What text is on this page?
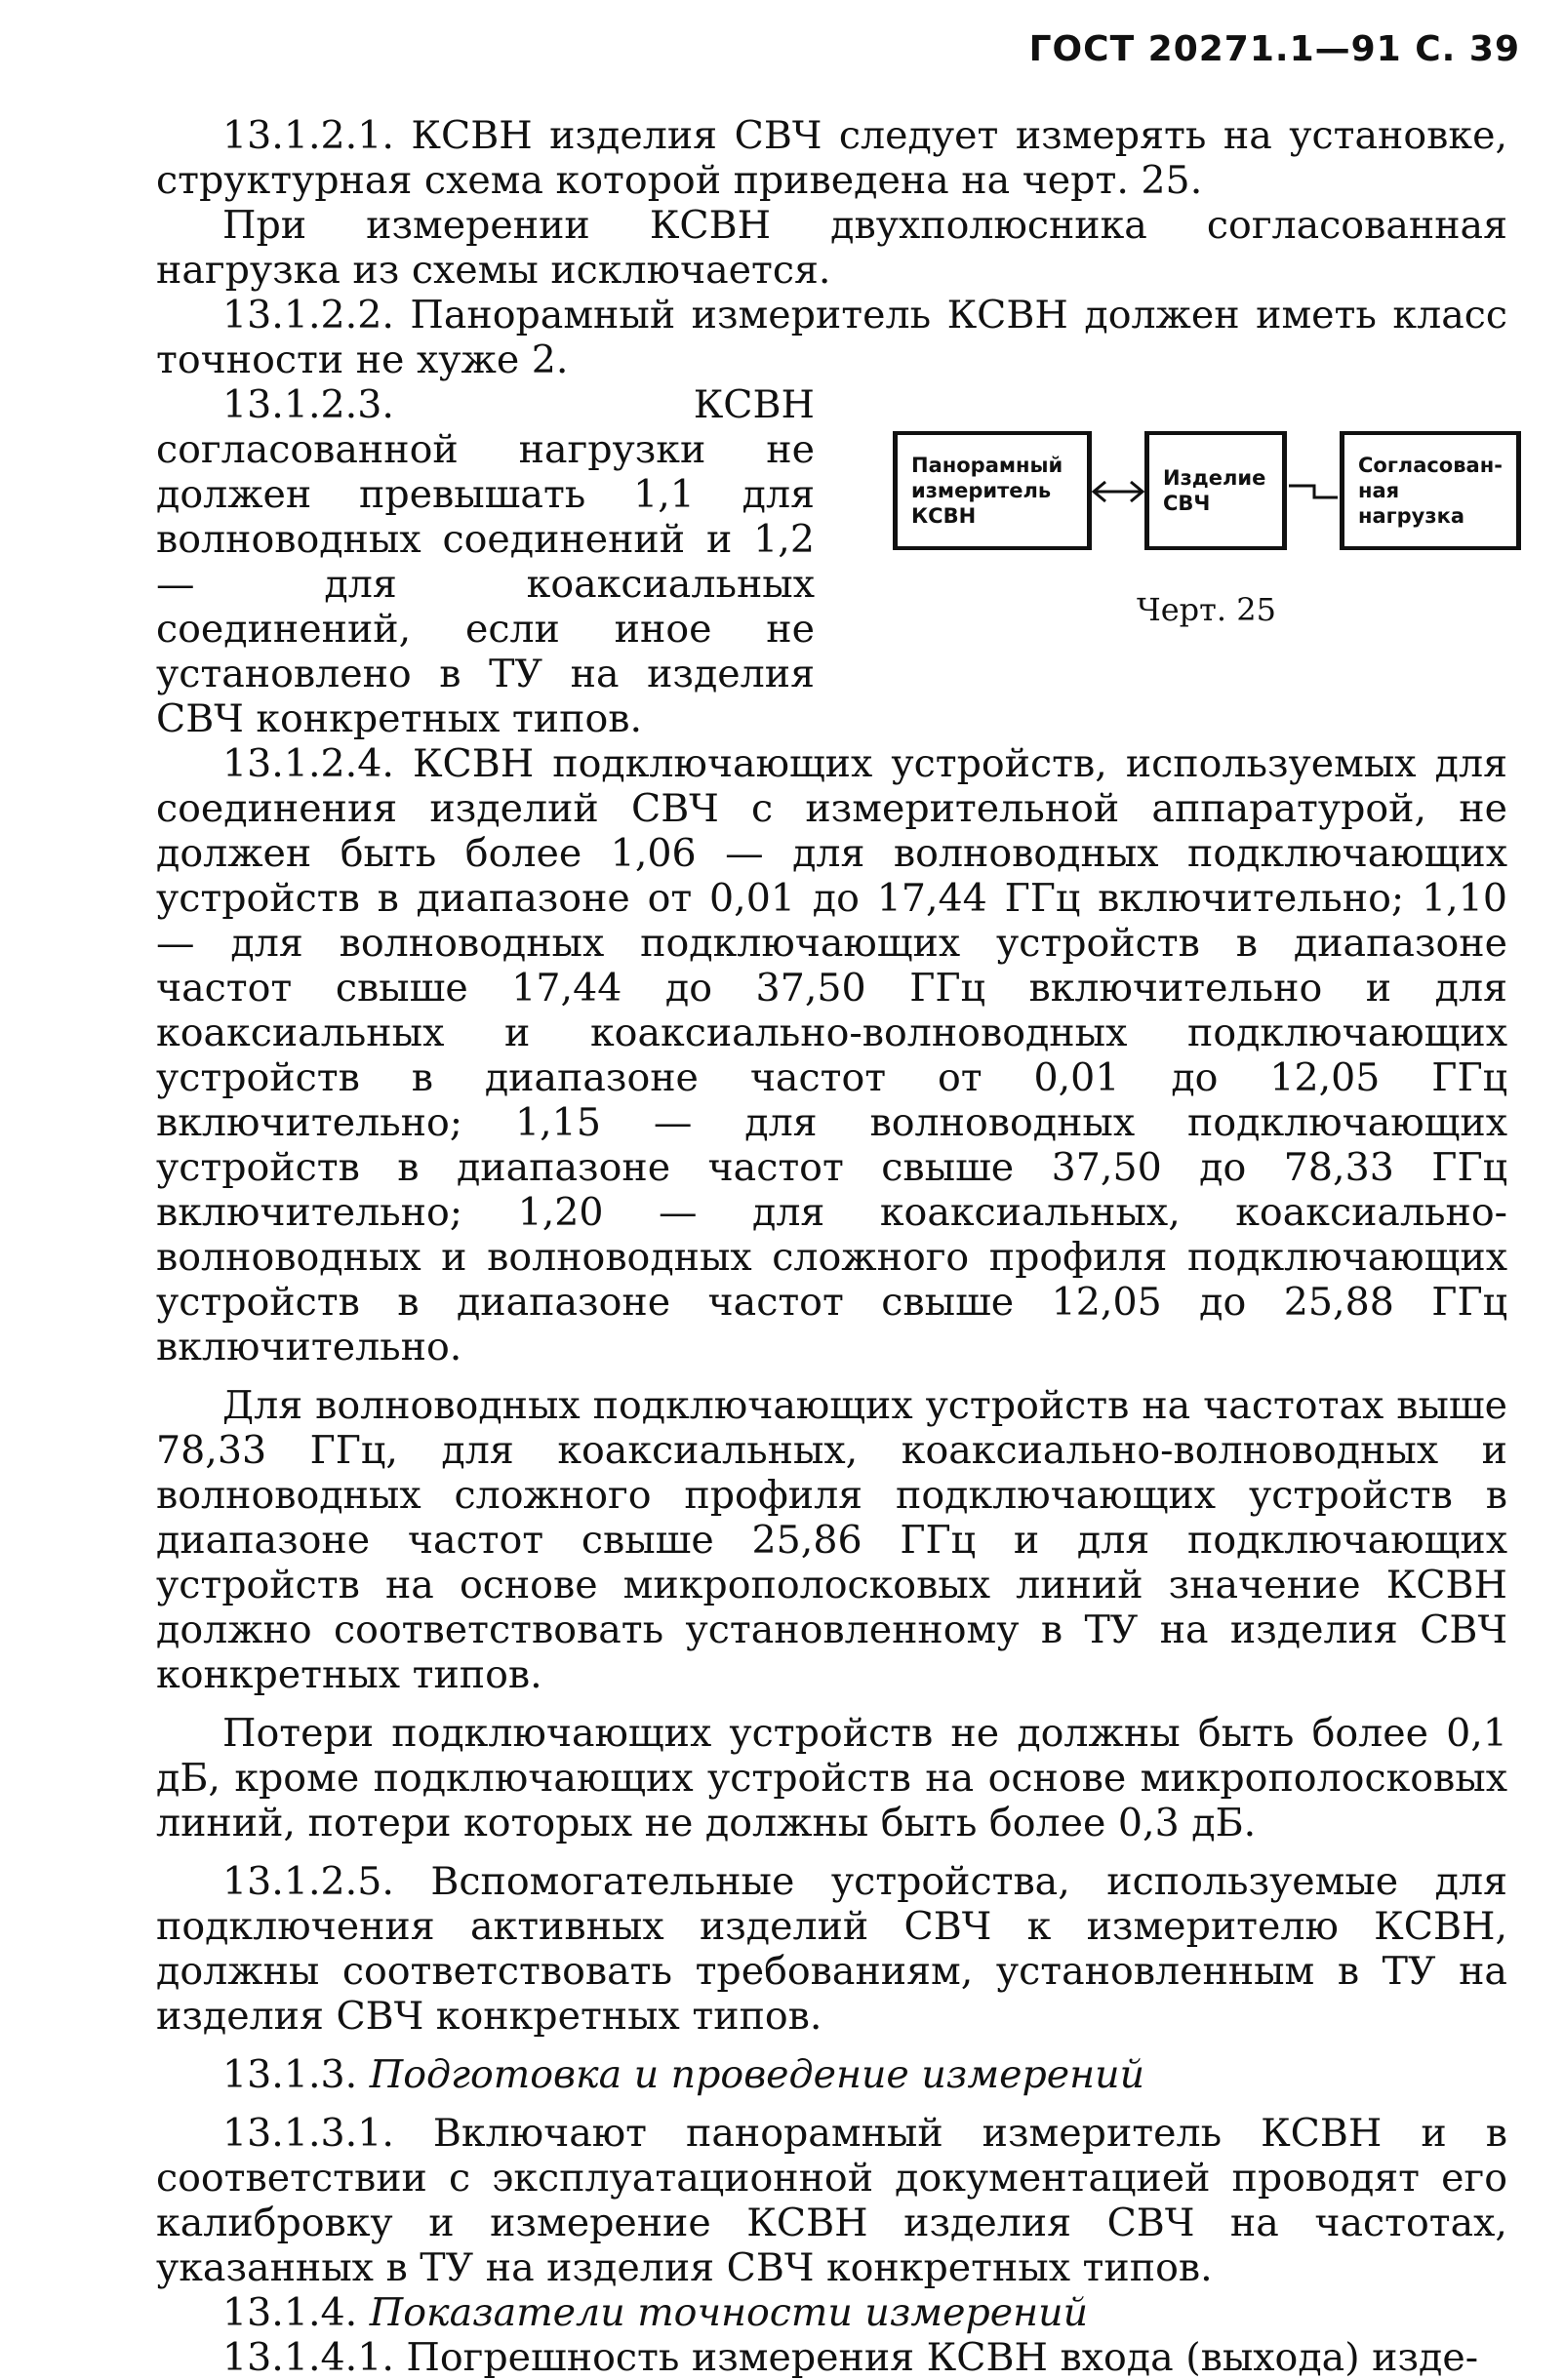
ГОСТ 20271.1—91 С. 39

13.1.2.1. КСВН изделия СВЧ следует измерять на установке, структурная схема которой приведена на черт. 25.

При измерении КСВН двухполюсника согласованная нагрузка из схемы исключается.

13.1.2.2. Панорамный измеритель КСВН должен иметь класс точности не хуже 2.

Панорамный
измеритель
КСВН
Изделие
СВЧ
Согласован-
ная
нагрузка
Черт. 25

13.1.2.3. КСВН согласованной нагрузки не должен превышать 1,1 для волноводных соединений и 1,2 — для коаксиальных соединений, если иное не установлено в ТУ на изделия СВЧ конкретных типов.

13.1.2.4. КСВН подключающих устройств, используемых для соединения изделий СВЧ с измерительной аппаратурой, не должен быть более 1,06 — для волноводных подключающих устройств в диапазоне от 0,01 до 17,44 ГГц включительно; 1,10 — для волноводных подключающих устройств в диапазоне частот свыше 17,44 до 37,50 ГГц включительно и для коаксиальных и коаксиально-волноводных подключающих устройств в диапазоне частот от 0,01 до 12,05 ГГц включительно; 1,15 — для волноводных подключающих устройств в диапазоне частот свыше 37,50 до 78,33 ГГц включительно; 1,20 — для коаксиальных, коаксиально-волноводных и волноводных сложного профиля подключающих устройств в диапазоне частот свыше 12,05 до 25,88 ГГц включительно.

Для волноводных подключающих устройств на частотах выше 78,33 ГГц, для коаксиальных, коаксиально-волноводных и волноводных сложного профиля подключающих устройств в диапазоне частот свыше 25,86 ГГц и для подключающих устройств на основе микрополосковых линий значение КСВН должно соответствовать установленному в ТУ на изделия СВЧ конкретных типов.

Потери подключающих устройств не должны быть более 0,1 дБ, кроме подключающих устройств на основе микрополосковых линий, потери которых не должны быть более 0,3 дБ.

13.1.2.5. Вспомогательные устройства, используемые для подключения активных изделий СВЧ к измерителю КСВН, должны соответствовать требованиям, установленным в ТУ на изделия СВЧ конкретных типов.

13.1.3. Подготовка и проведение измерений

13.1.3.1. Включают панорамный измеритель КСВН и в соответствии с эксплуатационной документацией проводят его калибровку и измерение КСВН изделия СВЧ на частотах, указанных в ТУ на изделия СВЧ конкретных типов.

13.1.4. Показатели точности измерений

13.1.4.1. Погрешность измерения КСВН входа (выхода) изде-
